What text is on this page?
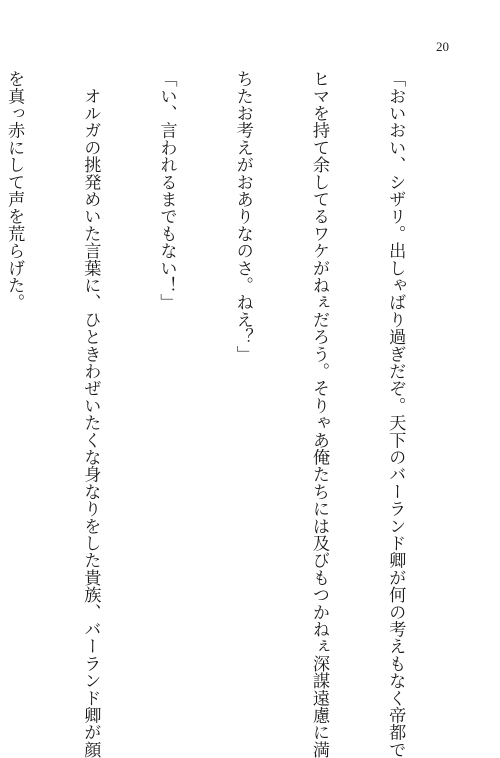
20

「おいおい、シザリ。出しゃばり過ぎだぞ。天下のバーランド卿が何の考えもなく帝都で

ヒマを持て余してるワケがねぇだろう。そりゃあ俺たちには及びもつかねぇ深謀遠慮に満

ちたお考えがおありなのさ。ねえ？」

「い、言われるまでもない！」

　オルガの挑発めいた言葉に、ひときわぜいたくな身なりをした貴族、バーランド卿が顔

を真っ赤にして声を荒らげた。
